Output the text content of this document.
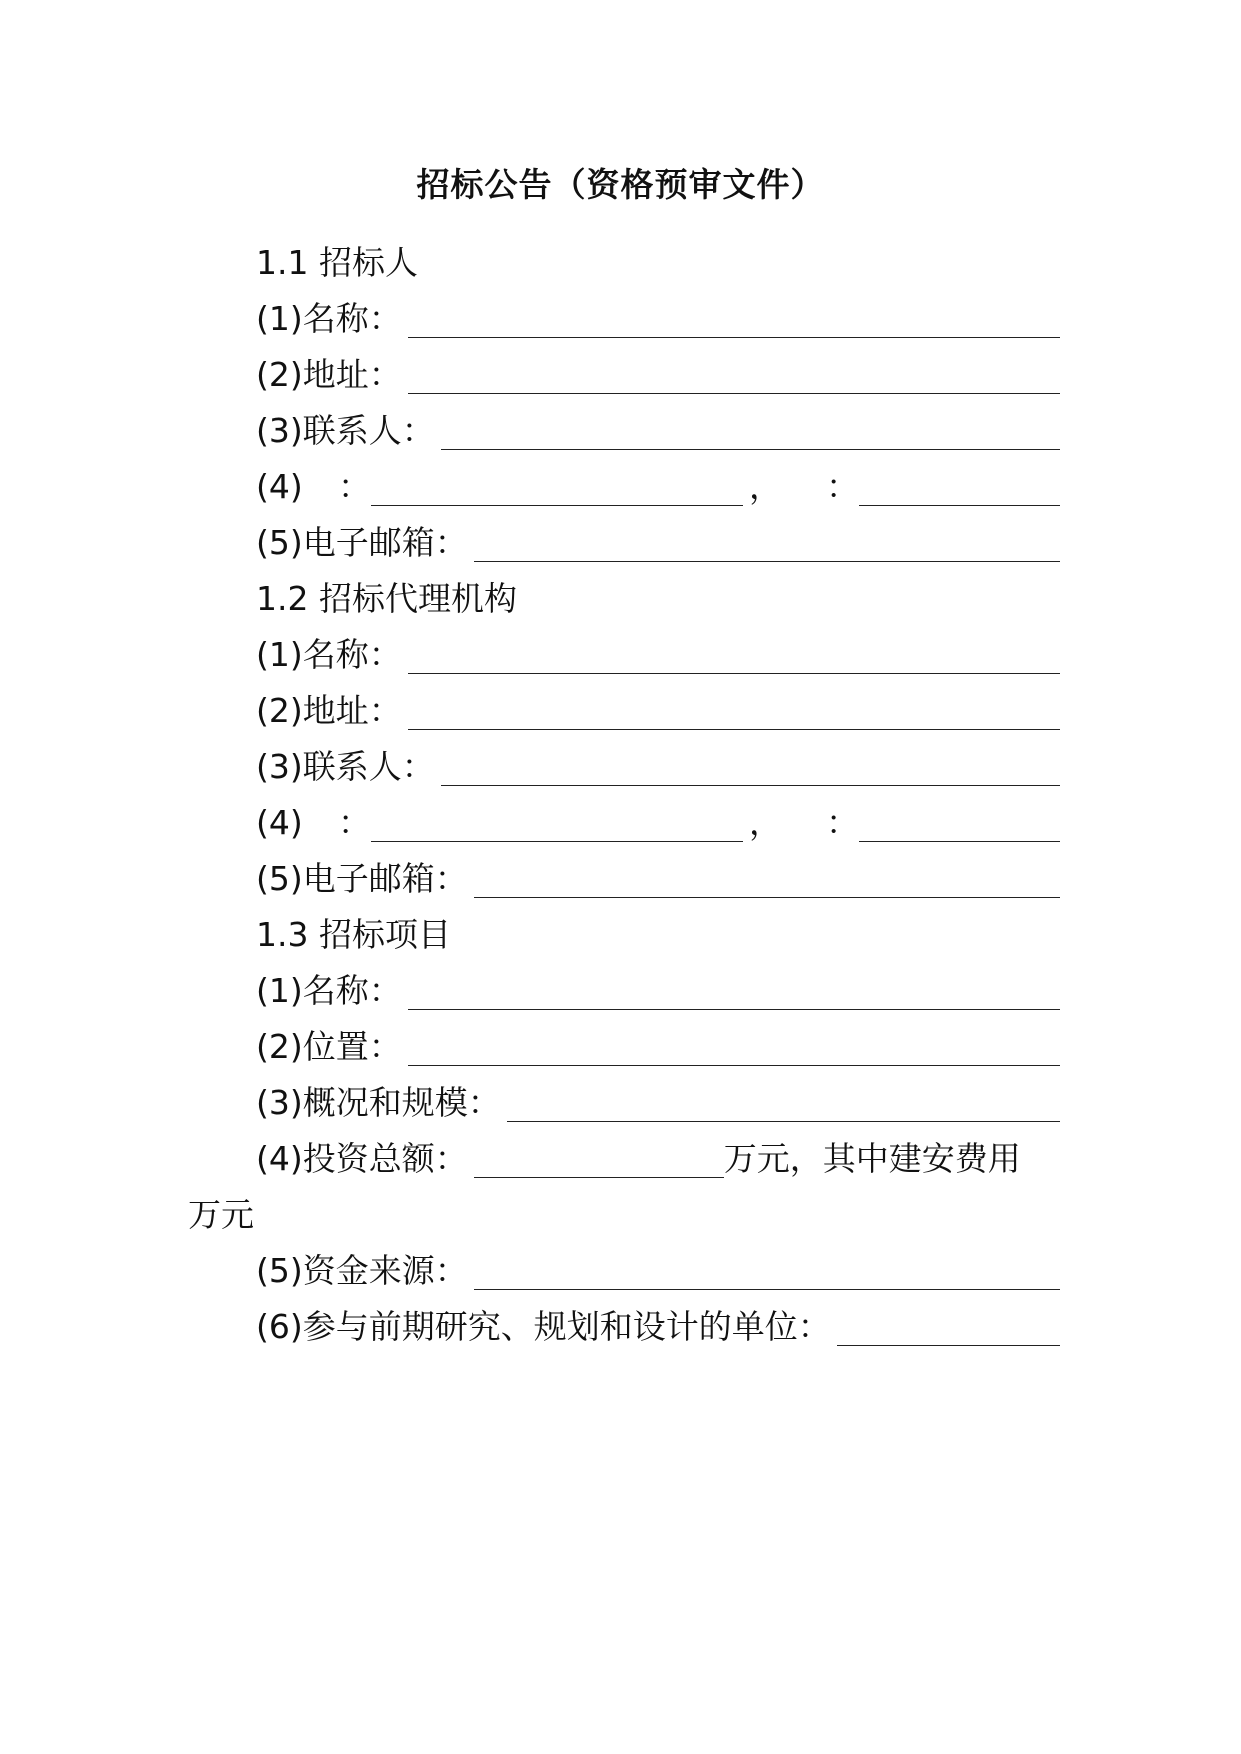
招标公告（资格预审文件）
1.1 招标人
(1)名称：
(2)地址：
(3)联系人：
(4)	：	， ：
(5)电子邮箱：
1.2 招标代理机构
(1)名称：
(2)地址：
(3)联系人：
(4)	：	， ：
(5)电子邮箱：
1.3 招标项目
(1)名称：
(2)位置：
(3)概况和规模：
(4)投资总额：	万元，其中建安费用
万元
(5)资金来源：
(6)参与前期研究、规划和设计的单位：
